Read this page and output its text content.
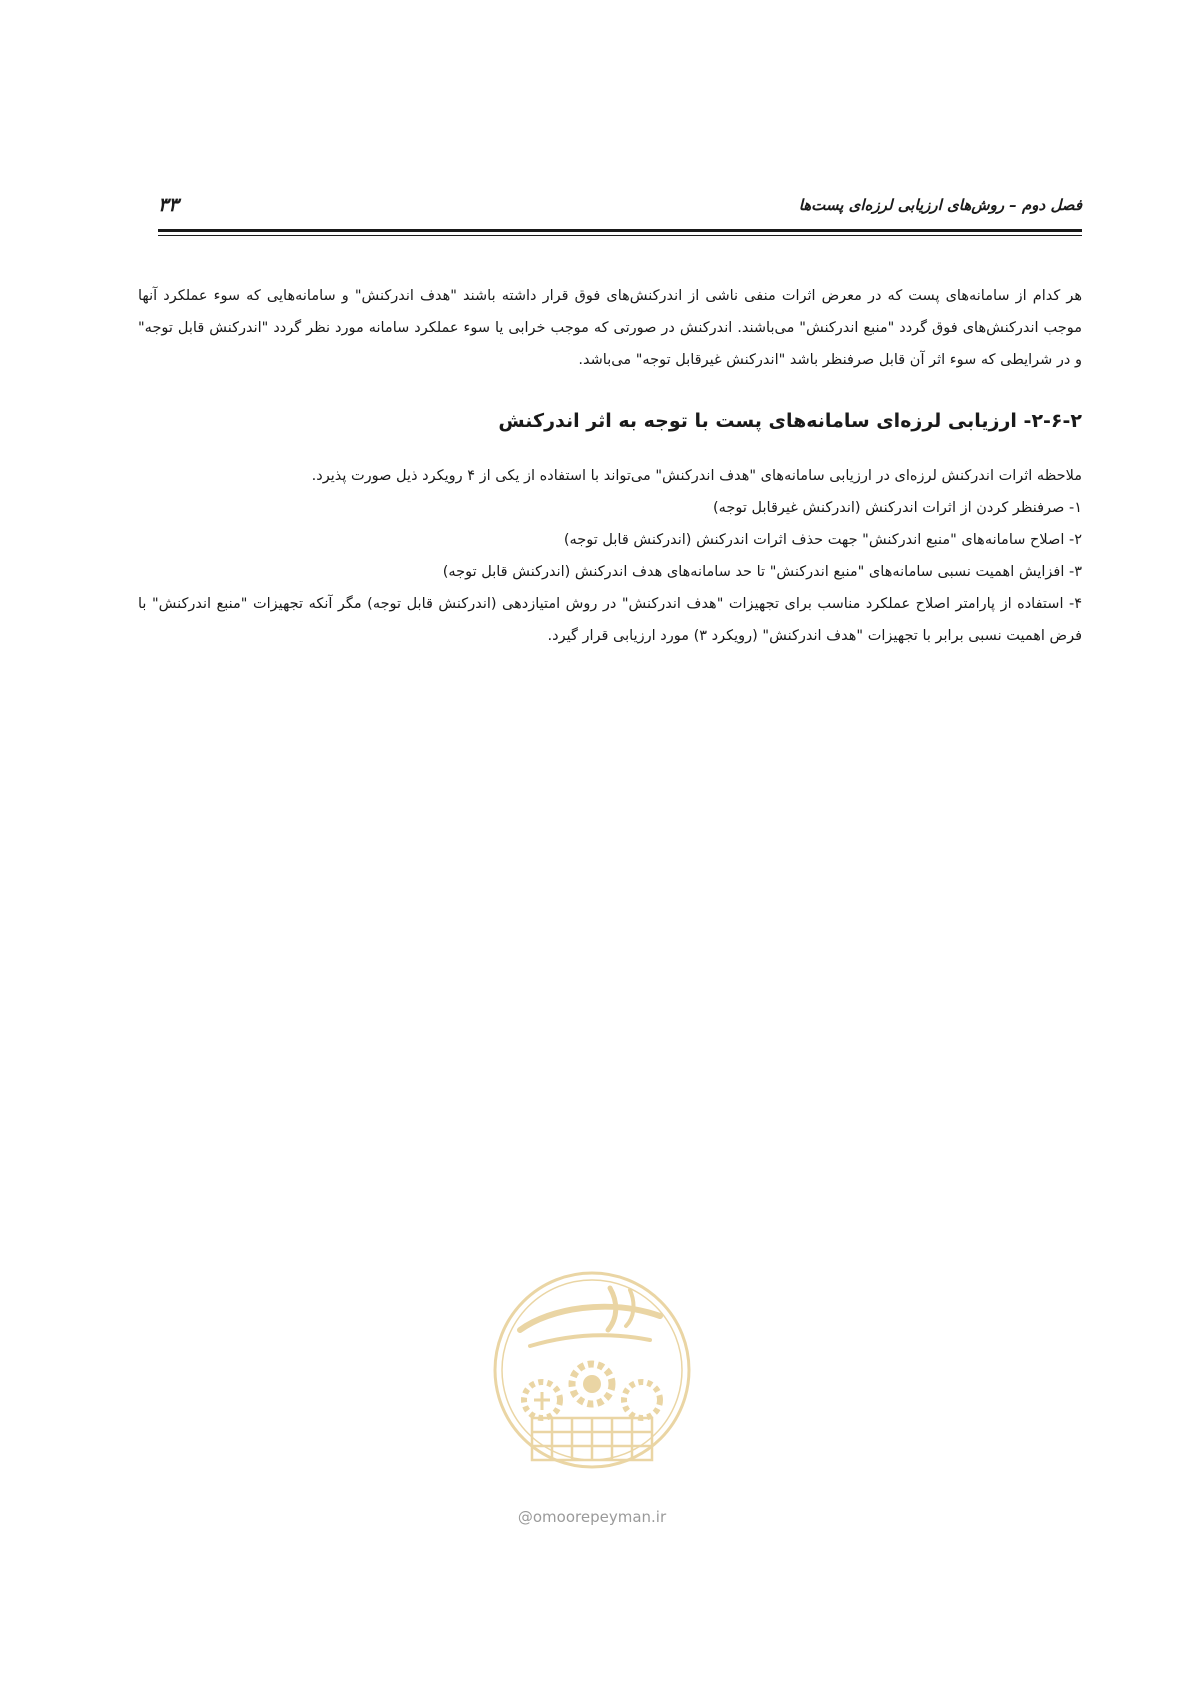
فصل دوم – روش‌های ارزیابی لرزه‌ای پست‌ها
۳۳
هر کدام از سامانه‌های پست که در معرض اثرات منفی ناشی از اندرکنش‌های فوق قرار داشته باشند "هدف اندرکنش" و سامانه‌هایی که سوء عملکرد آنها موجب اندرکنش‌های فوق گردد "منبع اندرکنش" می‌باشند. اندرکنش در صورتی که موجب خرابی یا سوء عملکرد سامانه مورد نظر گردد "اندرکنش قابل توجه" و در شرایطی که سوء اثر آن قابل صرفنظر باشد "اندرکنش غیرقابل توجه" می‌باشد.
۲-۶-۲- ارزیابی لرزه‌ای سامانه‌های پست با توجه به اثر اندرکنش

ملاحظه اثرات اندرکنش لرزه‌ای در ارزیابی سامانه‌های "هدف اندرکنش" می‌تواند با استفاده از یکی از ۴ رویکرد ذیل صورت پذیرد.

۱- صرفنظر کردن از اثرات اندرکنش (اندرکنش غیرقابل توجه)

۲- اصلاح سامانه‌های "منبع اندرکنش" جهت حذف اثرات اندرکنش (اندرکنش قابل توجه)

۳- افزایش اهمیت نسبی سامانه‌های "منبع اندرکنش" تا حد سامانه‌های هدف اندرکنش (اندرکنش قابل توجه)

۴- استفاده از پارامتر اصلاح عملکرد مناسب برای تجهیزات "هدف اندرکنش" در روش امتیازدهی (اندرکنش قابل توجه) مگر آنکه تجهیزات "منبع اندرکنش" با فرض اهمیت نسبی برابر با تجهیزات "هدف اندرکنش" (رویکرد ۳) مورد ارزیابی قرار گیرد.

@omoorepeyman.ir
